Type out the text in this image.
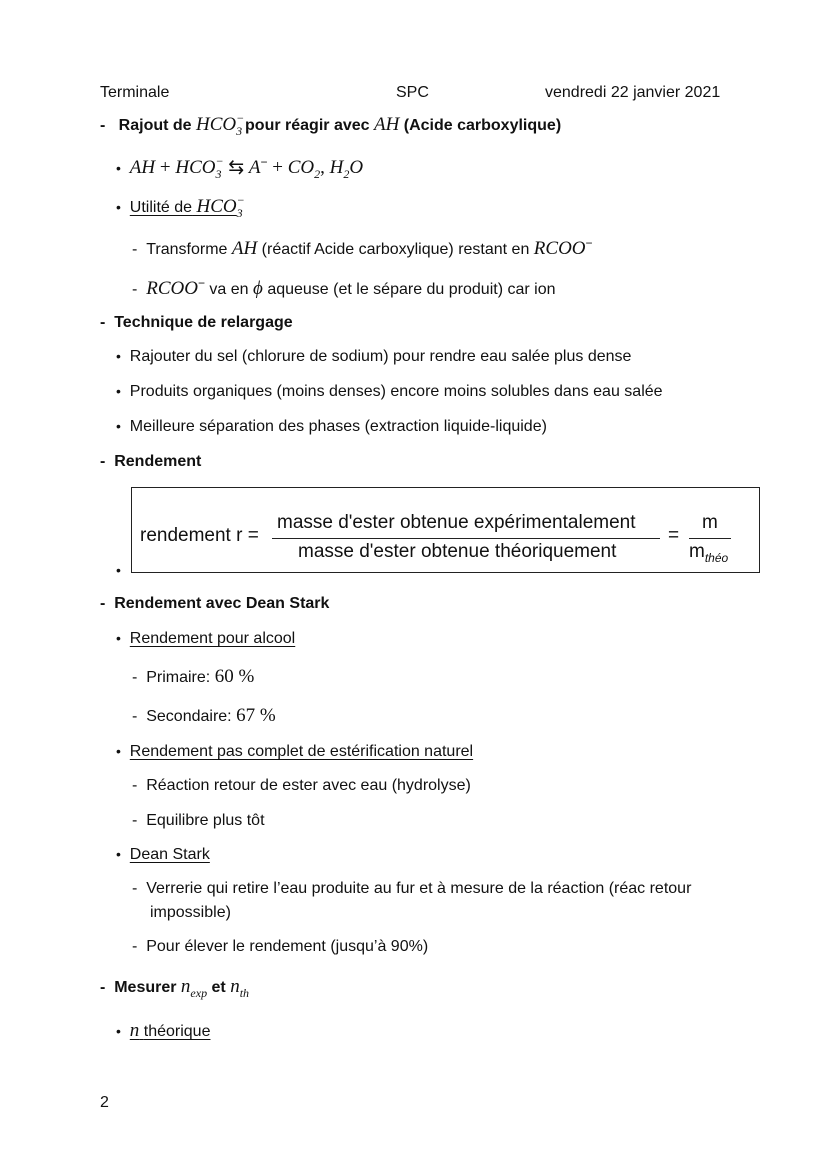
Terminale	SPC	vendredi 22 janvier 2021
- Rajout de HCO −
3 pour réagir avec AH (Acide carboxylique)
• AH + HCO −
3 ⇆ $A^- + CO_2$, $H_2O$
• Utilité de HCO −
3
- Transforme AH (réactif Acide carboxylique) restant en RCOO−
- RCOO− va en ϕ aqueuse (et le sépare du produit) car ion
- Technique de relargage
• Rajouter du sel (chlorure de sodium) pour rendre eau salée plus dense
• Produits organiques (moins denses) encore moins solubles dans eau salée
• Meilleure séparation des phases (extraction liquide-liquide)
- Rendement
•
rendement r =
masse d'ester obtenue expérimentalement
masse d'ester obtenue théoriquement
=
m
$m_{théo}$
- Rendement avec Dean Stark
• Rendement pour alcool
- Primaire: 60 %
- Secondaire: 67 %
• Rendement pas complet de estérification naturel
- Réaction retour de ester avec eau (hydrolyse)
- Equilibre plus tôt
• Dean Stark
- Verrerie qui retire l’eau produite au fur et à mesure de la réaction (réac retour
impossible)
- Pour élever le rendement (jusqu’à 90%)
- Mesurer $n_{exp}$ et $n_{th}$
• n théorique
2
